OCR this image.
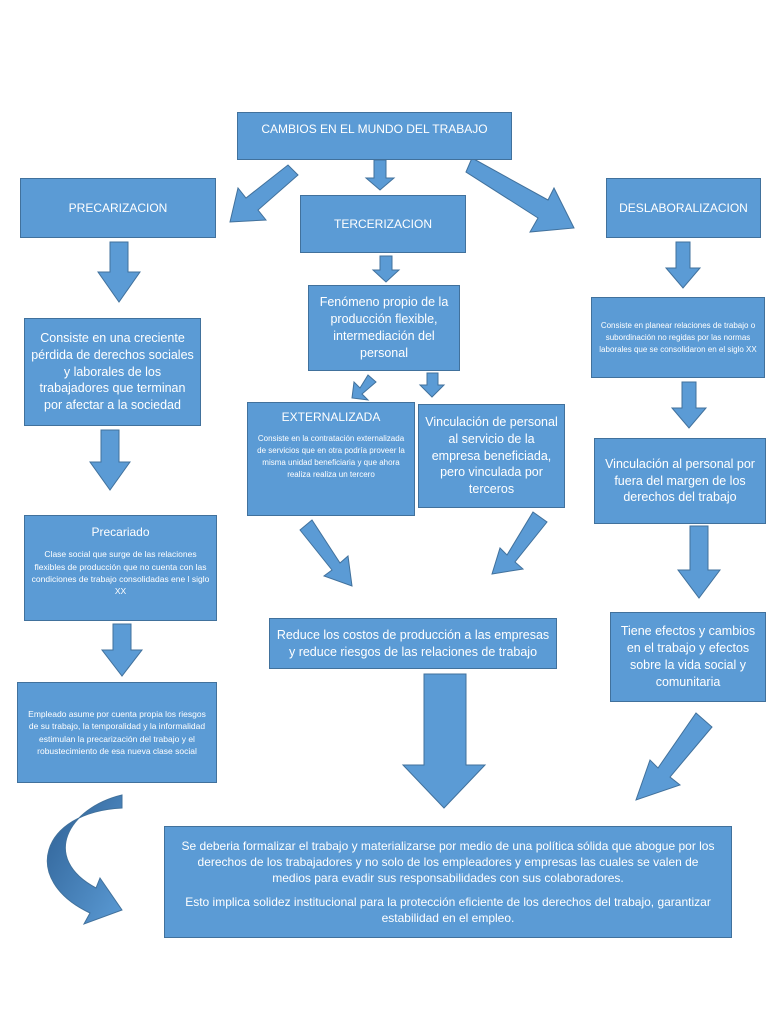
CAMBIOS EN EL MUNDO DEL TRABAJO
PRECARIZACION
Consiste en una creciente pérdida de derechos sociales y laborales de los trabajadores que terminan por afectar a la sociedad
Precariado
Clase social que surge de las relaciones flexibles de producción que no cuenta con las condiciones de trabajo consolidadas ene l siglo XX
Empleado asume por cuenta propia los riesgos de su trabajo, la temporalidad y la informalidad estimulan la precarización del trabajo y el robustecimiento de esa nueva clase social
TERCERIZACION
Fenómeno propio de la producción flexible, intermediación del personal
EXTERNALIZADA
Consiste en la contratación externalizada de servicios que en otra podría proveer la misma unidad beneficiaria y que ahora realiza realiza un tercero
Vinculación de personal al servicio de la empresa beneficiada, pero vinculada por terceros
Reduce los costos de producción a las empresas y reduce riesgos de las relaciones de trabajo
DESLABORALIZACION
Consiste en planear relaciones de trabajo o subordinación no regidas por las normas laborales que se consolidaron en el siglo XX
Vinculación al personal por fuera del margen de los derechos del trabajo
Tiene efectos y cambios en el trabajo y efectos sobre la vida social y comunitaria

Se deberia formalizar el trabajo y materializarse por medio de una política sólida que abogue por los derechos de los trabajadores y no solo de los empleadores y empresas las cuales se valen de medios para evadir sus responsabilidades con sus colaboradores.

Esto implica solidez institucional para la protección eficiente de los derechos del trabajo, garantizar estabilidad en el empleo.
